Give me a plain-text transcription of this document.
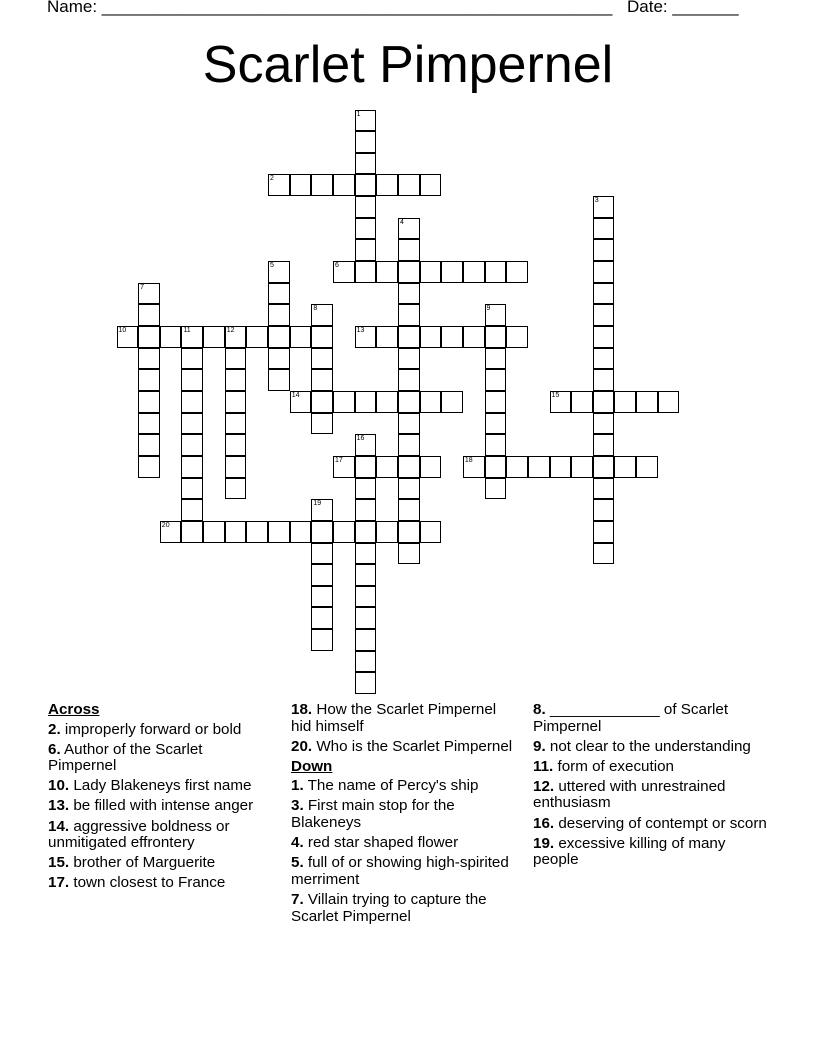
Name: ______________________________________________________ Date: _______
Scarlet Pimpernel
1
2
3
4
5	6
7
8	9
10	11	12	13
14	15
16
17	18
19
20
Across
2. improperly forward or bold
6. Author of the Scarlet Pimpernel
10. Lady Blakeneys first name
13. be filled with intense anger
14. aggressive boldness or unmitigated effrontery
15. brother of Marguerite
17. town closest to France
18. How the Scarlet Pimpernel hid himself
20. Who is the Scarlet Pimpernel
Down
1. The name of Percy's ship
3. First main stop for the Blakeneys
4. red star shaped flower
5. full of or showing high-spirited merriment
7. Villain trying to capture the Scarlet Pimpernel
8. _____________ of Scarlet Pimpernel
9. not clear to the understanding
11. form of execution
12. uttered with unrestrained enthusiasm
16. deserving of contempt or scorn
19. excessive killing of many people
